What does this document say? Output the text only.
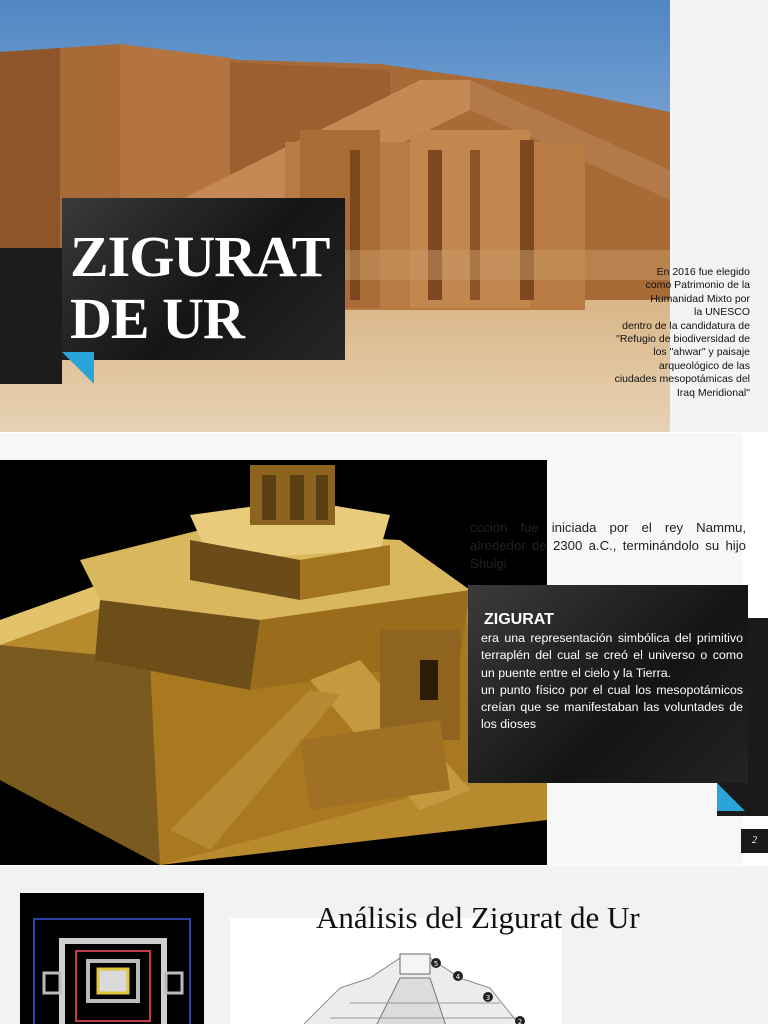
ZIGURAT
DE UR

En 2016 fue elegido
como Patrimonio de la
Humanidad Mixto por
la UNESCO
dentro de la candidatura de
"Refugio de biodiversidad de
los "ahwar" y paisaje
arqueológico de las
ciudades mesopotámicas del
Iraq Meridional"

ccción fue iniciada por el rey Nammu, alrededor de 2300 a.C., terminándolo su hijo Shulgi

ZIGURAT
era una representación simbólica del primitivo terraplén del cual se creó el universo o como un puente entre el cielo y la Tierra.
un punto físico por el cual los mesopotámicos creían que se manifestaban las voluntades de los dioses
2
5
4
3
2
Análisis del Zigurat de Ur
